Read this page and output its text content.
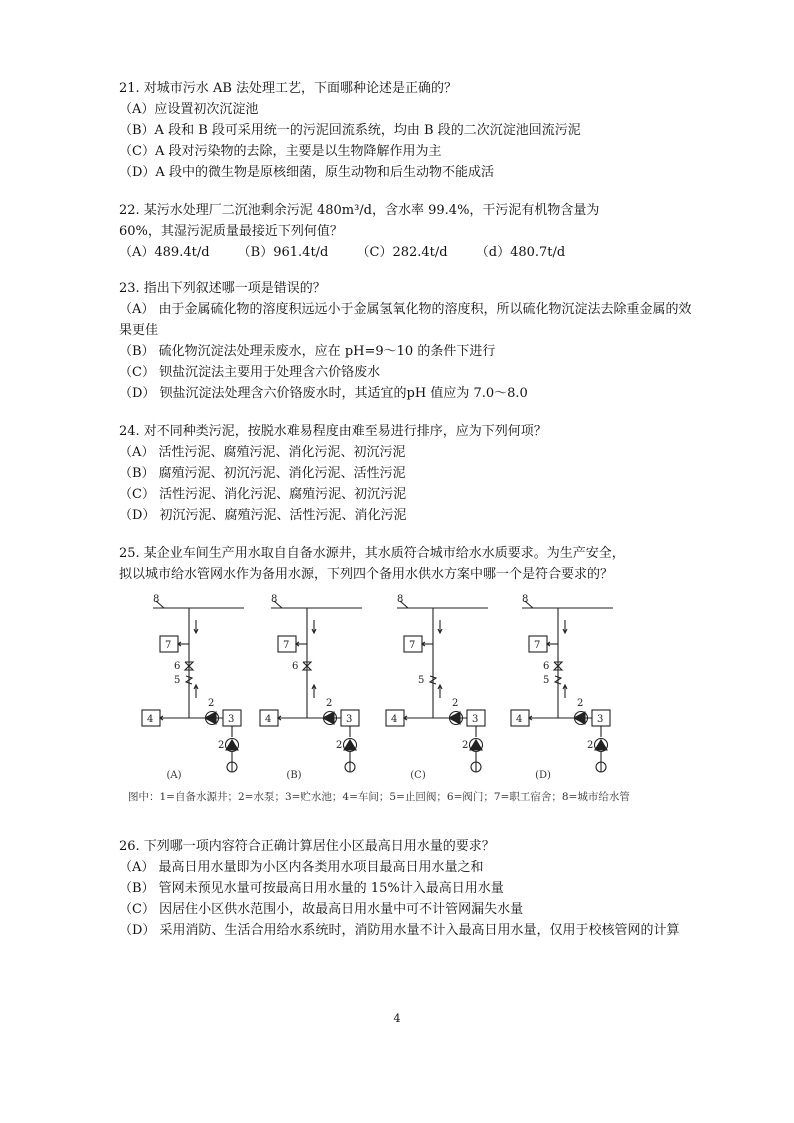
21. 对城市污水 AB 法处理工艺，下面哪种论述是正确的？
（A）应设置初次沉淀池
（B）A 段和 B 段可采用统一的污泥回流系统，均由 B 段的二次沉淀池回流污泥
（C）A 段对污染物的去除，主要是以生物降解作用为主
（D）A 段中的微生物是原核细菌，原生动物和后生动物不能成活
22. 某污水处理厂二沉池剩余污泥 480m³/d，含水率 99.4%，干污泥有机物含量为
60%，其湿污泥质量最接近下列何值？
（A）489.4t/d （B）961.4t/d （C）282.4t/d （d）480.7t/d
23. 指出下列叙述哪一项是错误的？
（A） 由于金属硫化物的溶度积远远小于金属氢氧化物的溶度积，所以硫化物沉淀法去除重金属的效果更佳
（B） 硫化物沉淀法处理汞废水，应在 pH=9～10 的条件下进行
（C） 钡盐沉淀法主要用于处理含六价铬废水
（D） 钡盐沉淀法处理含六价铬废水时，其适宜的pH 值应为 7.0～8.0
24. 对不同种类污泥，按脱水难易程度由难至易进行排序，应为下列何项？
（A） 活性污泥、腐殖污泥、消化污泥、初沉污泥
（B） 腐殖污泥、初沉污泥、消化污泥、活性污泥
（C） 活性污泥、消化污泥、腐殖污泥、初沉污泥
（D） 初沉污泥、腐殖污泥、活性污泥、消化污泥
25. 某企业车间生产用水取自自备水源井，其水质符合城市给水水质要求。为生产安全，
拟以城市给水管网水作为备用水源，下列四个备用水供水方案中哪一个是符合要求的？
8
7
6
5
4	3
2
2
8
7
6
4	3
2
2
8
7
5
4	3
2
2
8
7
6
5
4	3
2
2
(A)	(B)	(C)	(D)
图中：1=自备水源井；2=水泵；3=贮水池；4=车间；5=止回阀；6=阀门；7=职工宿舍；8=城市给水管
26. 下列哪一项内容符合正确计算居住小区最高日用水量的要求？
（A） 最高日用水量即为小区内各类用水项目最高日用水量之和
（B） 管网未预见水量可按最高日用水量的 15%计入最高日用水量
（C） 因居住小区供水范围小，故最高日用水量中可不计管网漏失水量
（D） 采用消防、生活合用给水系统时，消防用水量不计入最高日用水量，仅用于校核管网的计算
4
